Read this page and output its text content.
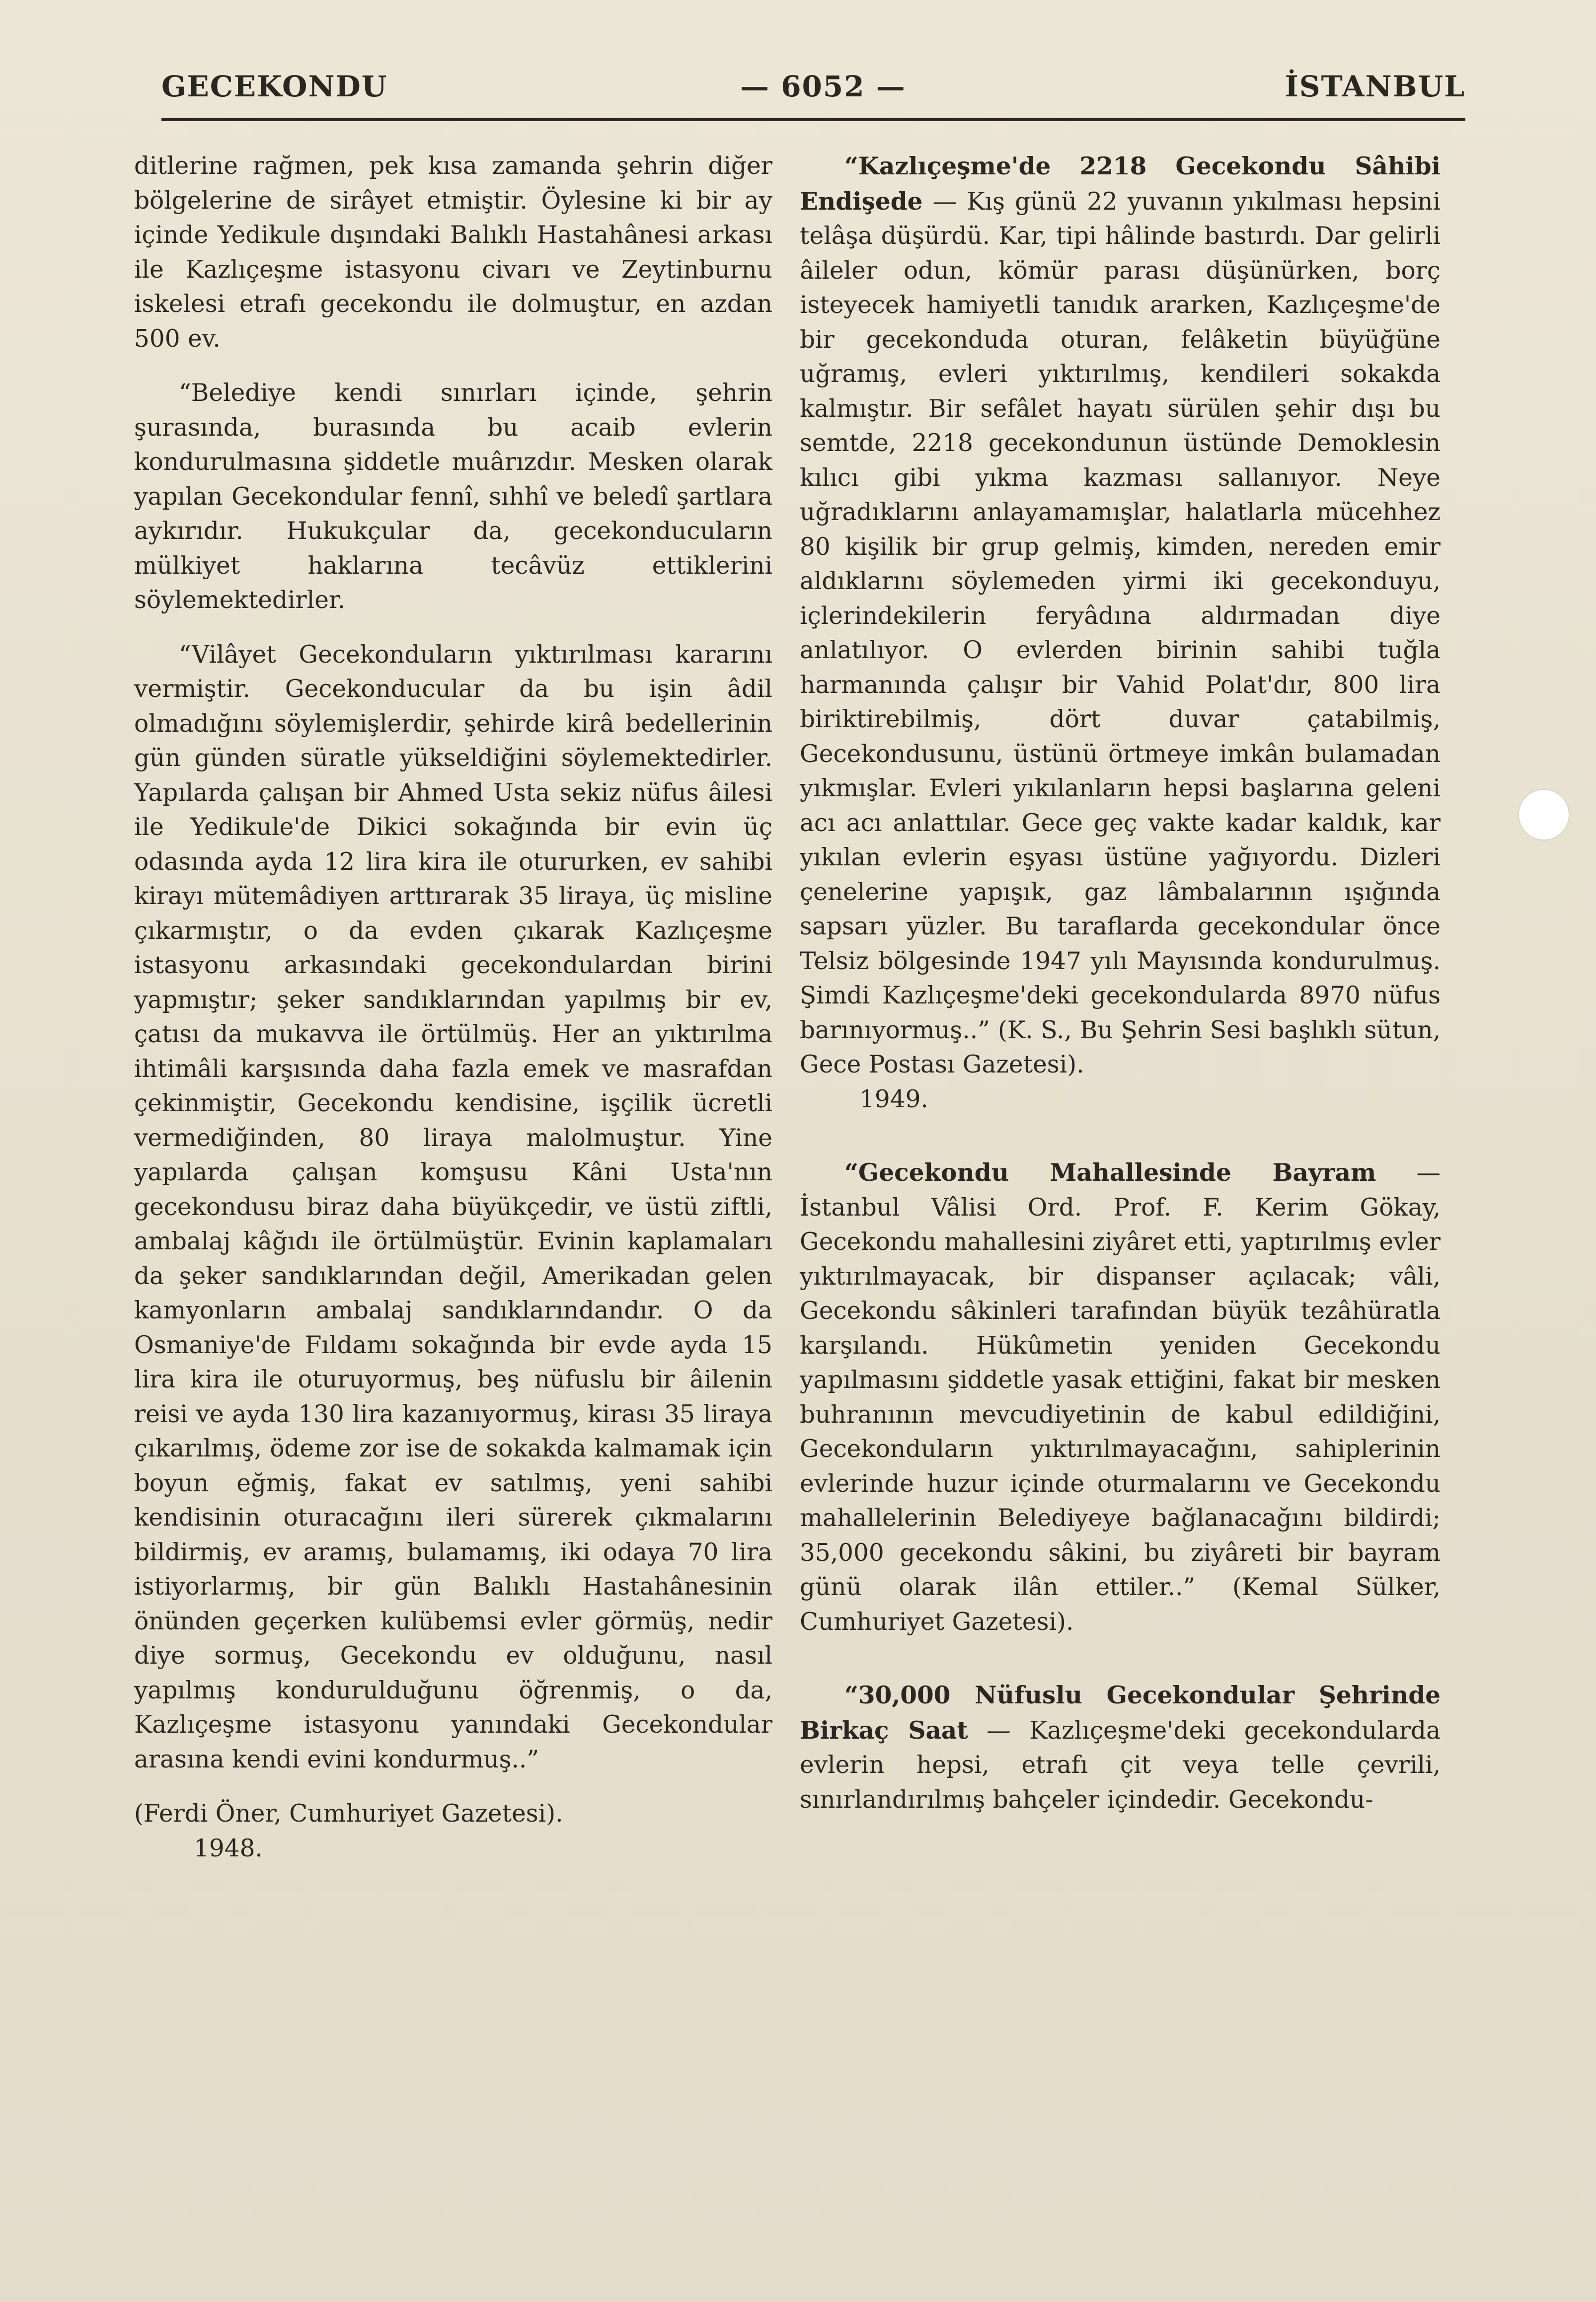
GECEKONDU	— 6052 —	İSTANBUL

ditlerine rağmen, pek kısa zamanda şehrin diğer bölgelerine de sirâyet etmiştir. Öylesine ki bir ay içinde Yedikule dışındaki Balıklı Hastahânesi arkası ile Kazlıçeşme istasyonu civarı ve Zeytinburnu iskelesi etrafı gecekondu ile dolmuştur, en azdan 500 ev.

“Belediye kendi sınırları içinde, şehrin şurasında, burasında bu acaib evlerin kondurulmasına şiddetle muârızdır. Mesken olarak yapılan Gecekondular fennî, sıhhî ve beledî şartlara aykırıdır. Hukukçular da, gecekonducuların mülkiyet haklarına tecâvüz ettiklerini söylemektedirler.

“Vilâyet Gecekonduların yıktırılması kararını vermiştir. Gecekonducular da bu işin âdil olmadığını söylemişlerdir, şehirde kirâ bedellerinin gün günden süratle yükseldiğini söylemektedirler. Yapılarda çalışan bir Ahmed Usta sekiz nüfus âilesi ile Yedikule'de Dikici sokağında bir evin üç odasında ayda 12 lira kira ile otururken, ev sahibi kirayı mütemâdiyen arttırarak 35 liraya, üç misline çıkarmıştır, o da evden çıkarak Kazlıçeşme istasyonu arkasındaki gecekondulardan birini yapmıştır; şeker sandıklarından yapılmış bir ev, çatısı da mukavva ile örtülmüş. Her an yıktırılma ihtimâli karşısında daha fazla emek ve masrafdan çekinmiştir, Gecekondu kendisine, işçilik ücretli vermediğinden, 80 liraya malolmuştur. Yine yapılarda çalışan komşusu Kâni Usta'nın gecekondusu biraz daha büyükçedir, ve üstü ziftli, ambalaj kâğıdı ile örtülmüştür. Evinin kaplamaları da şeker sandıklarından değil, Amerikadan gelen kamyonların ambalaj sandıklarındandır. O da Osmaniye'de Fıldamı sokağında bir evde ayda 15 lira kira ile oturuyormuş, beş nüfuslu bir âilenin reisi ve ayda 130 lira kazanıyormuş, kirası 35 liraya çıkarılmış, ödeme zor ise de sokakda kalmamak için boyun eğmiş, fakat ev satılmış, yeni sahibi kendisinin oturacağını ileri sürerek çıkmalarını bildirmiş, ev aramış, bulamamış, iki odaya 70 lira istiyorlarmış, bir gün Balıklı Hastahânesinin önünden geçerken kulübemsi evler görmüş, nedir diye sormuş, Gecekondu ev olduğunu, nasıl yapılmış kondurulduğunu öğrenmiş, o da, Kazlıçeşme istasyonu yanındaki Gecekondular arasına kendi evini kondurmuş..”

(Ferdi Öner, Cumhuriyet Gazetesi).

1948.

“Kazlıçeşme'de 2218 Gecekondu Sâhibi Endişede — Kış günü 22 yuvanın yıkılması hepsini telâşa düşürdü. Kar, tipi hâlinde bastırdı. Dar gelirli âileler odun, kömür parası düşünürken, borç isteyecek hamiyetli tanıdık ararken, Kazlıçeşme'de bir gecekonduda oturan, felâketin büyüğüne uğramış, evleri yıktırılmış, kendileri sokakda kalmıştır. Bir sefâlet hayatı sürülen şehir dışı bu semtde, 2218 gecekondunun üstünde Demoklesin kılıcı gibi yıkma kazması sallanıyor. Neye uğradıklarını anlayamamışlar, halatlarla mücehhez 80 kişilik bir grup gelmiş, kimden, nereden emir aldıklarını söylemeden yirmi iki gecekonduyu, içlerindekilerin feryâdına aldırmadan diye anlatılıyor. O evlerden birinin sahibi tuğla harmanında çalışır bir Vahid Polat'dır, 800 lira biriktirebilmiş, dört duvar çatabilmiş, Gecekondusunu, üstünü örtmeye imkân bulamadan yıkmışlar. Evleri yıkılanların hepsi başlarına geleni acı acı anlattılar. Gece geç vakte kadar kaldık, kar yıkılan evlerin eşyası üstüne yağıyordu. Dizleri çenelerine yapışık, gaz lâmbalarının ışığında sapsarı yüzler. Bu taraflarda gecekondular önce Telsiz bölgesinde 1947 yılı Mayısında kondurulmuş. Şimdi Kazlıçeşme'deki gecekondularda 8970 nüfus barınıyormuş..” (K. S., Bu Şehrin Sesi başlıklı sütun, Gece Postası Gazetesi).

1949.

“Gecekondu Mahallesinde Bayram — İstanbul Vâlisi Ord. Prof. F. Kerim Gökay, Gecekondu mahallesini ziyâret etti, yaptırılmış evler yıktırılmayacak, bir dispanser açılacak; vâli, Gecekondu sâkinleri tarafından büyük tezâhüratla karşılandı. Hükûmetin yeniden Gecekondu yapılmasını şiddetle yasak ettiğini, fakat bir mesken buhranının mevcudiyetinin de kabul edildiğini, Gecekonduların yıktırılmayacağını, sahiplerinin evlerinde huzur içinde oturmalarını ve Gecekondu mahallelerinin Belediyeye bağlanacağını bildirdi; 35,000 gecekondu sâkini, bu ziyâreti bir bayram günü olarak ilân ettiler..” (Kemal Sülker, Cumhuriyet Gazetesi).

“30,000 Nüfuslu Gecekondular Şehrinde Birkaç Saat — Kazlıçeşme'deki gecekondularda evlerin hepsi, etrafı çit veya telle çevrili, sınırlandırılmış bahçeler içindedir. Gecekondu-
